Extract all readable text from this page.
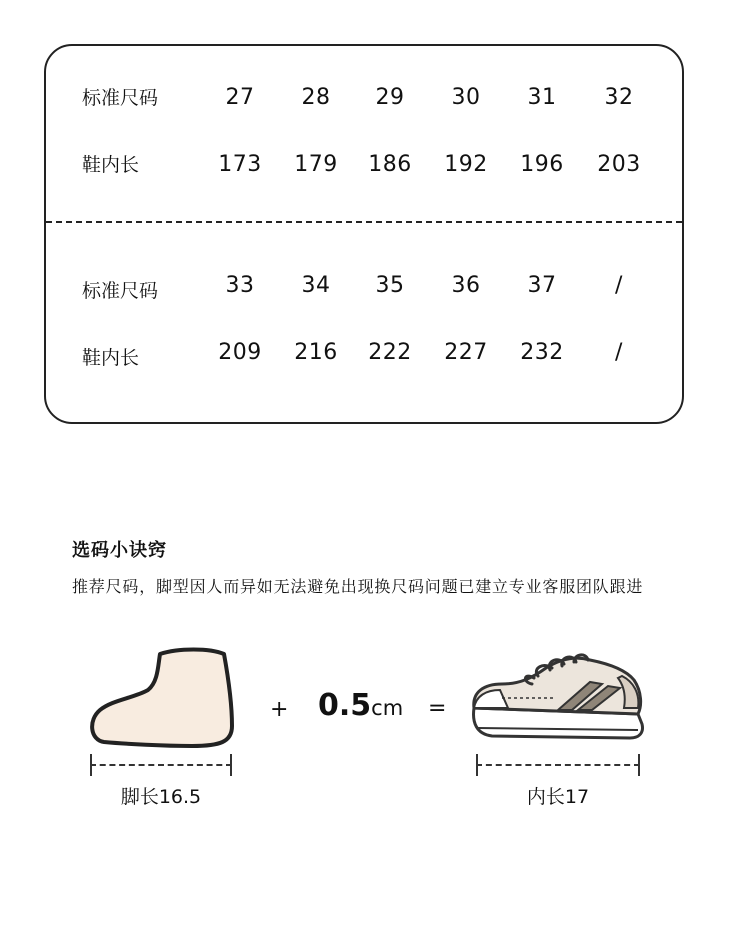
标准尺码	27	28	29	30	31	32
鞋内长	173	179	186	192	196	203
标准尺码	33	34	35	36	37	/
鞋内长	209	216	222	227	232	/
选码小诀窍
推荐尺码，脚型因人而异如无法避免出现换尺码问题已建立专业客服团队跟进
脚长16.5
+ 0.5cm =
内长17
